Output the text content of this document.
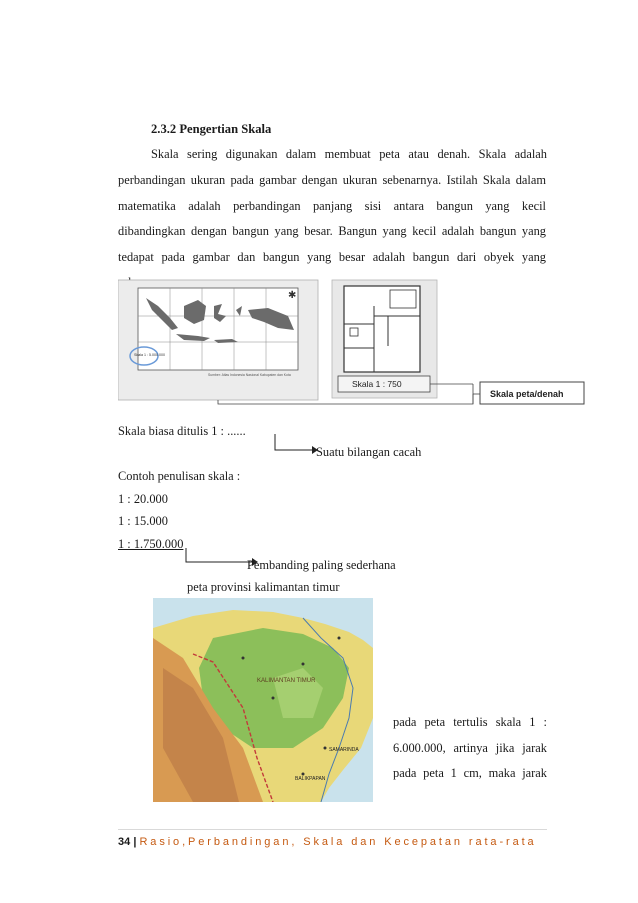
2.3.2 Pengertian Skala
Skala sering digunakan dalam membuat peta atau denah. Skala adalah
perbandingan ukuran pada gambar dengan ukuran sebenarnya. Istilah Skala dalam
matematika adalah perbandingan panjang sisi antara bangun yang kecil
dibandingkan dengan bangun yang besar. Bangun yang kecil adalah bangun yang
tedapat pada gambar dan bangun yang besar adalah bangun dari obyek yang
✱
Skala 1 : 5.000.000
Sumber: Atlas Indonesia Nasional Kabupaten dan Kota
Skala 1 : 750
Skala peta/denah
Skala biasa ditulis 1 : ......
Suatu bilangan cacah
Contoh penulisan skala :
1 : 20.000
1 : 15.000
1 : 1.750.000
Pembanding paling sederhana
peta provinsi kalimantan timur
KALIMANTAN TIMUR
SAMARINDA
BALIKPAPAN
pada peta tertulis skala 1 :
6.000.000, artinya jika jarak
pada peta 1 cm, maka jarak
34 | Rasio,Perbandingan, Skala dan Kecepatan rata-rata
